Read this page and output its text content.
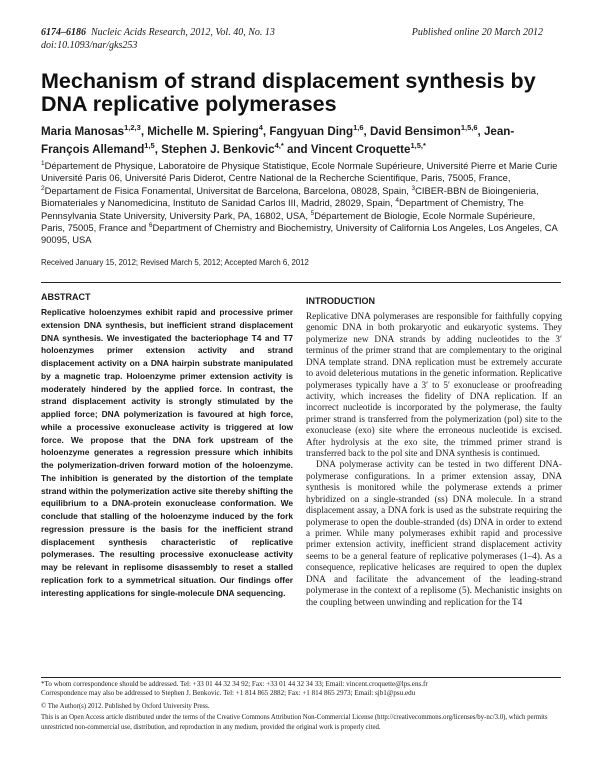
6174–6186 Nucleic Acids Research, 2012, Vol. 40, No. 13
doi:10.1093/nar/gks253
Published online 20 March 2012
Mechanism of strand displacement synthesis by DNA replicative polymerases
Maria Manosas$^{1,2,3}$, Michelle M. Spiering$^4$, Fangyuan Ding$^{1,6}$, David Bensimon$^{1,5,6}$, Jean-François Allemand$^{1,5}$, Stephen J. Benkovic$^{4,*}$ and Vincent Croquette$^{1,5,*}$
$^1$Département de Physique, Laboratoire de Physique Statistique, Ecole Normale Supérieure, Université Pierre et Marie Curie Université Paris 06, Université Paris Diderot, Centre National de la Recherche Scientifique, Paris, 75005, France, $^2$Departament de Fisica Fonamental, Universitat de Barcelona, Barcelona, 08028, Spain, $^3$CIBER-BBN de Bioingenieria, Biomateriales y Nanomedicina, Instituto de Sanidad Carlos III, Madrid, 28029, Spain, $^4$Department of Chemistry, The Pennsylvania State University, University Park, PA, 16802, USA, $^5$Département de Biologie, Ecole Normale Supérieure, Paris, 75005, France and $^6$Department of Chemistry and Biochemistry, University of California Los Angeles, Los Angeles, CA 90095, USA
Received January 15, 2012; Revised March 5, 2012; Accepted March 6, 2012
ABSTRACT
Replicative holoenzymes exhibit rapid and processive primer extension DNA synthesis, but inefficient strand displacement DNA synthesis. We investigated the bacteriophage T4 and T7 holoenzymes primer extension activity and strand displacement activity on a DNA hairpin substrate manipulated by a magnetic trap. Holoenzyme primer extension activity is moderately hindered by the applied force. In contrast, the strand displacement activity is strongly stimulated by the applied force; DNA polymerization is favoured at high force, while a processive exonuclease activity is triggered at low force. We propose that the DNA fork upstream of the holoenzyme generates a regression pressure which inhibits the polymerization-driven forward motion of the holoenzyme. The inhibition is generated by the distortion of the template strand within the polymerization active site thereby shifting the equilibrium to a DNA-protein exonuclease conformation. We conclude that stalling of the holoenzyme induced by the fork regression pressure is the basis for the inefficient strand displacement synthesis characteristic of replicative polymerases. The resulting processive exonuclease activity may be relevant in replisome disassembly to reset a stalled replication fork to a symmetrical situation. Our findings offer interesting applications for single-molecule DNA sequencing.
INTRODUCTION

Replicative DNA polymerases are responsible for faithfully copying genomic DNA in both prokaryotic and eukaryotic systems. They polymerize new DNA strands by adding nucleotides to the 3′ terminus of the primer strand that are complementary to the original DNA template strand. DNA replication must be extremely accurate to avoid deleterious mutations in the genetic information. Replicative polymerases typically have a 3′ to 5′ exonuclease or proofreading activity, which increases the fidelity of DNA replication. If an incorrect nucleotide is incorporated by the polymerase, the faulty primer strand is transferred from the polymerization (pol) site to the exonuclease (exo) site where the erroneous nucleotide is excised. After hydrolysis at the exo site, the trimmed primer strand is transferred back to the pol site and DNA synthesis is continued.

DNA polymerase activity can be tested in two different DNA-polymerase configurations. In a primer extension assay, DNA synthesis is monitored while the polymerase extends a primer hybridized on a single-stranded (ss) DNA molecule. In a strand displacement assay, a DNA fork is used as the substrate requiring the polymerase to open the double-stranded (ds) DNA in order to extend a primer. While many polymerases exhibit rapid and processive primer extension activity, inefficient strand displacement activity seems to be a general feature of replicative polymerases (1–4). As a consequence, replicative helicases are required to open the duplex DNA and facilitate the advancement of the leading-strand polymerase in the context of a replisome (5). Mechanistic insights on the coupling between unwinding and replication for the T4

*To whom correspondence should be addressed. Tel: +33 01 44 32 34 92; Fax: +33 01 44 32 34 33; Email: vincent.croquette@lps.ens.fr
Correspondence may also be addressed to Stephen J. Benkovic. Tel: +1 814 865 2882; Fax: +1 814 865 2973; Email: sjb1@psu.edu
© The Author(s) 2012. Published by Oxford University Press.
This is an Open Access article distributed under the terms of the Creative Commons Attribution Non-Commercial License (http://creativecommons.org/licenses/by-nc/3.0), which permits unrestricted non-commercial use, distribution, and reproduction in any medium, provided the original work is properly cited.
